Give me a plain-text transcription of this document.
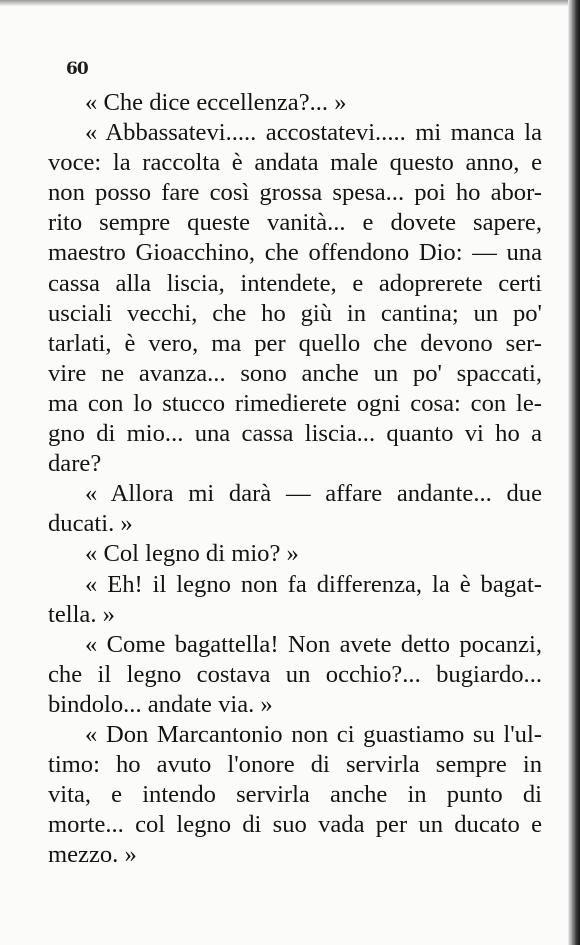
60
« Che dice eccellenza?... »
« Abbassatevi..... accostatevi..... mi manca la
voce: la raccolta è andata male questo anno, e
non posso fare così grossa spesa... poi ho abor-
rito sempre queste vanità... e dovete sapere,
maestro Gioacchino, che offendono Dio: — una
cassa alla liscia, intendete, e adoprerete certi
usciali vecchi, che ho giù in cantina; un po'
tarlati, è vero, ma per quello che devono ser-
vire ne avanza... sono anche un po' spaccati,
ma con lo stucco rimedierete ogni cosa: con le-
gno di mio... una cassa liscia... quanto vi ho a
dare?
« Allora mi darà — affare andante... due
ducati. »
« Col legno di mio? »
« Eh! il legno non fa differenza, la è bagat-
tella. »
« Come bagattella! Non avete detto pocanzi,
che il legno costava un occhio?... bugiardo...
bindolo... andate via. »
« Don Marcantonio non ci guastiamo su l'ul-
timo: ho avuto l'onore di servirla sempre in
vita, e intendo servirla anche in punto di
morte... col legno di suo vada per un ducato e
mezzo. »
